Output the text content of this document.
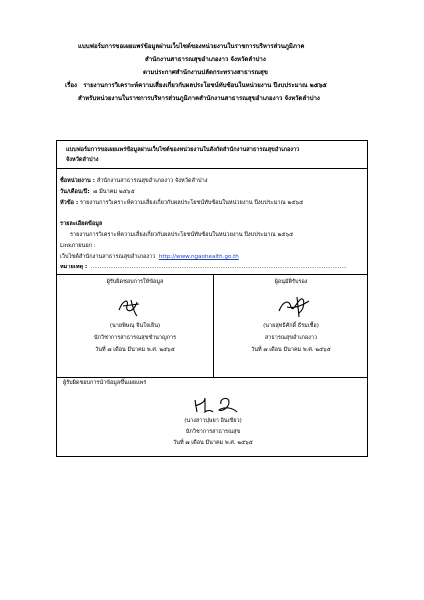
แบบฟอร์มการขอเผยแพร่ข้อมูลผ่านเว็บไซต์ของหน่วยงานในราชการบริหารส่วนภูมิภาค
สำนักงานสาธารณสุขอำเภองาว จังหวัดลำปาง
ตามประกาศสำนักงานปลัดกระทรวงสาธารณสุข
เรื่อง รายงานการวิเคราะห์ความเสี่ยงเกี่ยวกับผลประโยชน์ทับซ้อนในหน่วยงาน ปีงบประมาณ ๒๕๖๕
สำหรับหน่วยงานในราชการบริหารส่วนภูมิภาคสำนักงานสาธารณสุขอำเภองาว จังหวัดลำปาง
แบบฟอร์มการขอเผยแพร่ข้อมูลผ่านเว็บไซต์ของหน่วยงานในสังกัดสำนักงานสาธารณสุขอำเภองาว
จังหวัดลำปาง
ชื่อหน่วยงาน : สำนักงานสาธารณสุขอำเภองาว จังหวัดลำปาง
วัน/เดือน/ปี: ๗ มีนาคม ๒๕๖๕
หัวข้อ : รายงานการวิเคราะห์ความเสี่ยงเกี่ยวกับผลประโยชน์ทับซ้อนในหน่วยงาน ปีงบประมาณ ๒๕๖๕
รายละเอียดข้อมูล
รายงานการวิเคราะห์ความเสี่ยงเกี่ยวกับผลประโยชน์ทับซ้อนในหน่วยงาน ปีงบประมาณ ๒๕๖๕
Linkภายนอก :
เว็บไซต์สำนักงานสาธารณสุขอำเภองาว http://www.ngaohealth.go.th
หมายเหตุ : ................................................................................................................................................
ผู้รับผิดชอบการให้ข้อมูล
(นายพิษณุ จินใจเย็น)
นักวิชาการสาธารณสุขชำนาญการ
วันที่ ๗ เดือน มีนาคม พ.ศ. ๒๕๖๕
ผู้อนุมัติรับรอง
(นายสุทธิศักดิ์ ธีรมเชื้อ)
สาธารณสุขอำเภองาว
วันที่ ๗ เดือน มีนาคม พ.ศ. ๒๕๖๕
ผู้รับผิดชอบการนำข้อมูลขึ้นเผยแพร่
(นางสาวปุษยา อินเขียว)
นักวิชาการสาธารณสุข
วันที่ ๗ เดือน มีนาคม พ.ศ. ๒๕๖๕
